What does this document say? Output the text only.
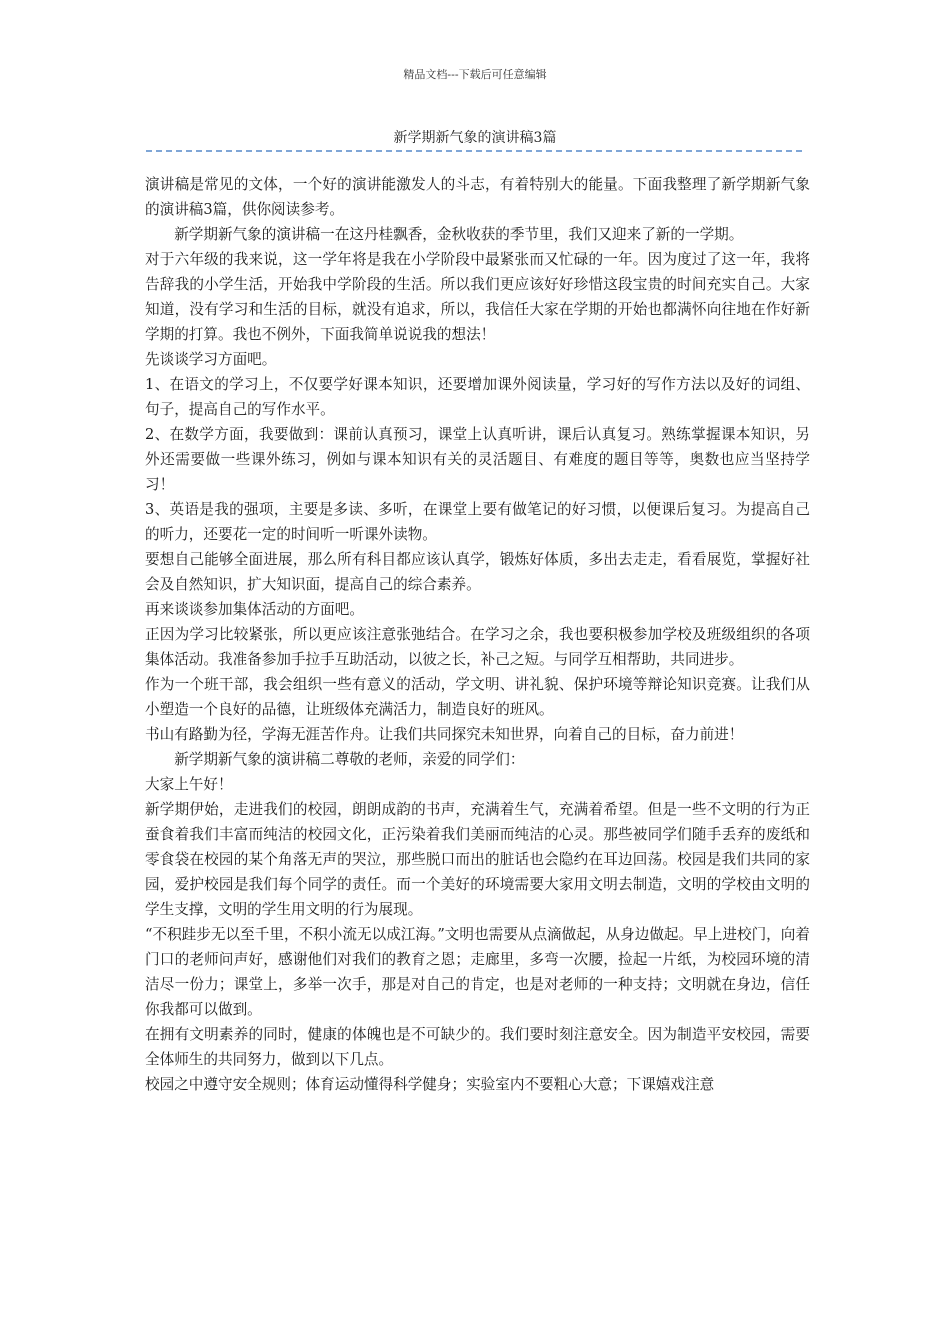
精品文档---下载后可任意编辑
新学期新气象的演讲稿3篇

演讲稿是常见的文体，一个好的演讲能激发人的斗志，有着特别大的能量。下面我整理了新学期新气象的演讲稿3篇，供你阅读参考。

新学期新气象的演讲稿一在这丹桂飘香，金秋收获的季节里，我们又迎来了新的一学期。

对于六年级的我来说，这一学年将是我在小学阶段中最紧张而又忙碌的一年。因为度过了这一年，我将告辞我的小学生活，开始我中学阶段的生活。所以我们更应该好好珍惜这段宝贵的时间充实自己。大家知道，没有学习和生活的目标，就没有追求，所以，我信任大家在学期的开始也都满怀向往地在作好新学期的打算。我也不例外，下面我简单说说我的想法！

先谈谈学习方面吧。

1、在语文的学习上，不仅要学好课本知识，还要增加课外阅读量，学习好的写作方法以及好的词组、句子，提高自己的写作水平。

2、在数学方面，我要做到：课前认真预习，课堂上认真听讲，课后认真复习。熟练掌握课本知识，另外还需要做一些课外练习，例如与课本知识有关的灵活题目、有难度的题目等等，奥数也应当坚持学习！

3、英语是我的强项，主要是多读、多听，在课堂上要有做笔记的好习惯，以便课后复习。为提高自己的听力，还要花一定的时间听一听课外读物。

要想自己能够全面进展，那么所有科目都应该认真学，锻炼好体质，多出去走走，看看展览，掌握好社会及自然知识，扩大知识面，提高自己的综合素养。

再来谈谈参加集体活动的方面吧。

正因为学习比较紧张，所以更应该注意张弛结合。在学习之余，我也要积极参加学校及班级组织的各项集体活动。我准备参加手拉手互助活动，以彼之长，补己之短。与同学互相帮助，共同进步。

作为一个班干部，我会组织一些有意义的活动，学文明、讲礼貌、保护环境等辩论知识竞赛。让我们从小塑造一个良好的品德，让班级体充满活力，制造良好的班风。

书山有路勤为径，学海无涯苦作舟。让我们共同探究未知世界，向着自己的目标，奋力前进！

新学期新气象的演讲稿二尊敬的老师，亲爱的同学们：

大家上午好！

新学期伊始，走进我们的校园，朗朗成韵的书声，充满着生气，充满着希望。但是一些不文明的行为正蚕食着我们丰富而纯洁的校园文化，正污染着我们美丽而纯洁的心灵。那些被同学们随手丢弃的废纸和零食袋在校园的某个角落无声的哭泣，那些脱口而出的脏话也会隐约在耳边回荡。校园是我们共同的家园，爱护校园是我们每个同学的责任。而一个美好的环境需要大家用文明去制造，文明的学校由文明的学生支撑，文明的学生用文明的行为展现。

“不积跬步无以至千里，不积小流无以成江海。”文明也需要从点滴做起，从身边做起。早上进校门，向着门口的老师问声好，感谢他们对我们的教育之恩；走廊里，多弯一次腰，捡起一片纸，为校园环境的清洁尽一份力；课堂上，多举一次手，那是对自己的肯定，也是对老师的一种支持；文明就在身边，信任你我都可以做到。

在拥有文明素养的同时，健康的体魄也是不可缺少的。我们要时刻注意安全。因为制造平安校园，需要全体师生的共同努力，做到以下几点。

校园之中遵守安全规则；体育运动懂得科学健身；实验室内不要粗心大意；下课嬉戏注意
